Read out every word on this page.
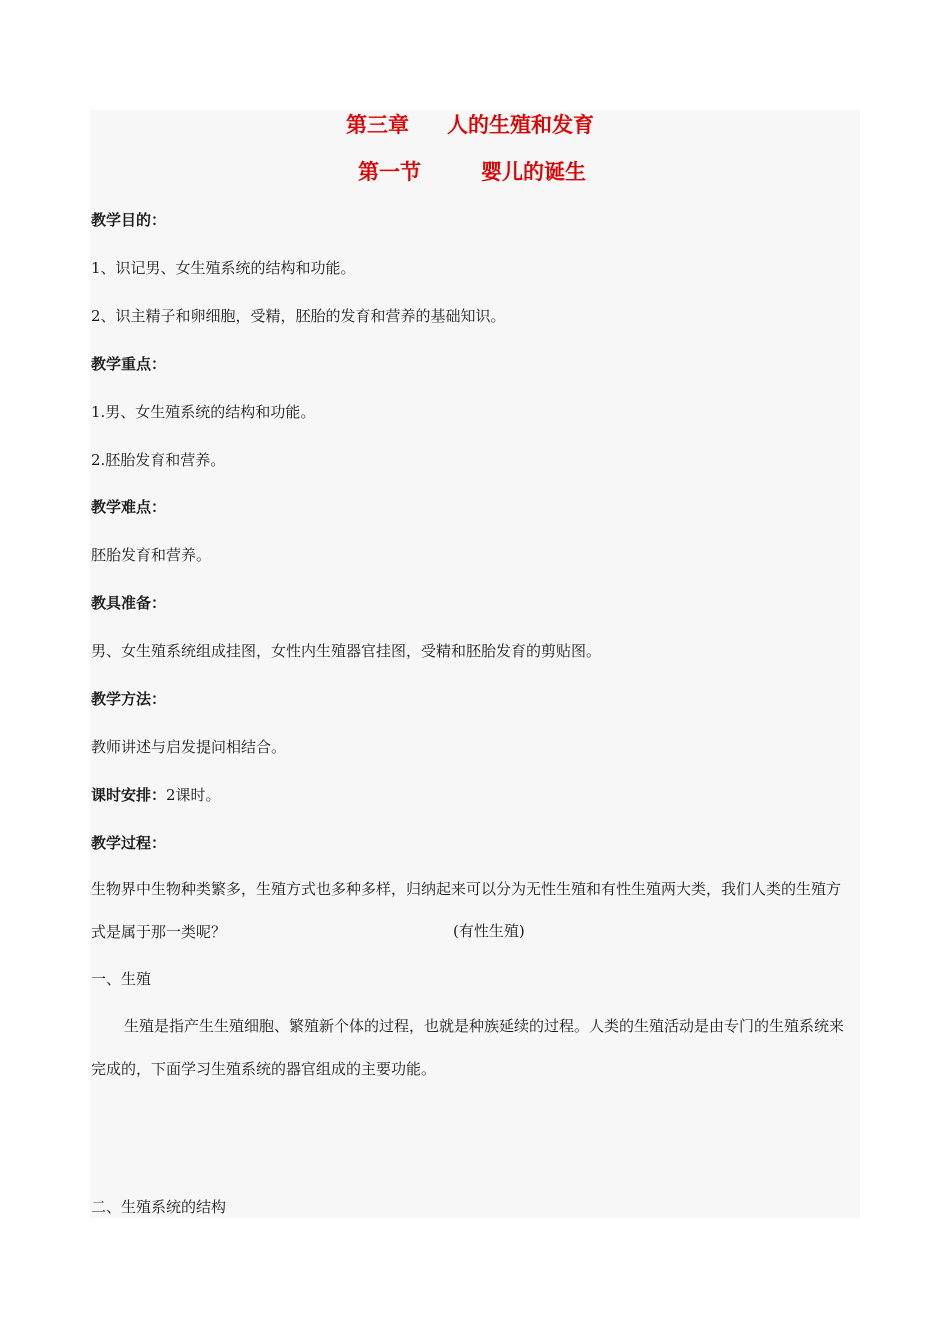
第三章 人的生殖和发育
第一节	婴儿的诞生
教学目的：
1、识记男、女生殖系统的结构和功能。
2、识主精子和卵细胞，受精，胚胎的发育和营养的基础知识。
教学重点：
1.男、女生殖系统的结构和功能。
2.胚胎发育和营养。
教学难点：
胚胎发育和营养。
教具准备：
男、女生殖系统组成挂图，女性内生殖器官挂图，受精和胚胎发育的剪贴图。
教学方法：
教师讲述与启发提问相结合。
课时安排：2课时。
教学过程：
生物界中生物种类繁多，生殖方式也多种多样，归纳起来可以分为无性生殖和有性生殖两大类，我们人类的生殖方式是属于那一类呢？	(有性生殖)
一、生殖
生殖是指产生生殖细胞、繁殖新个体的过程，也就是种族延续的过程。人类的生殖活动是由专门的生殖系统来完成的，下面学习生殖系统的器官组成的主要功能。
二、生殖系统的结构
